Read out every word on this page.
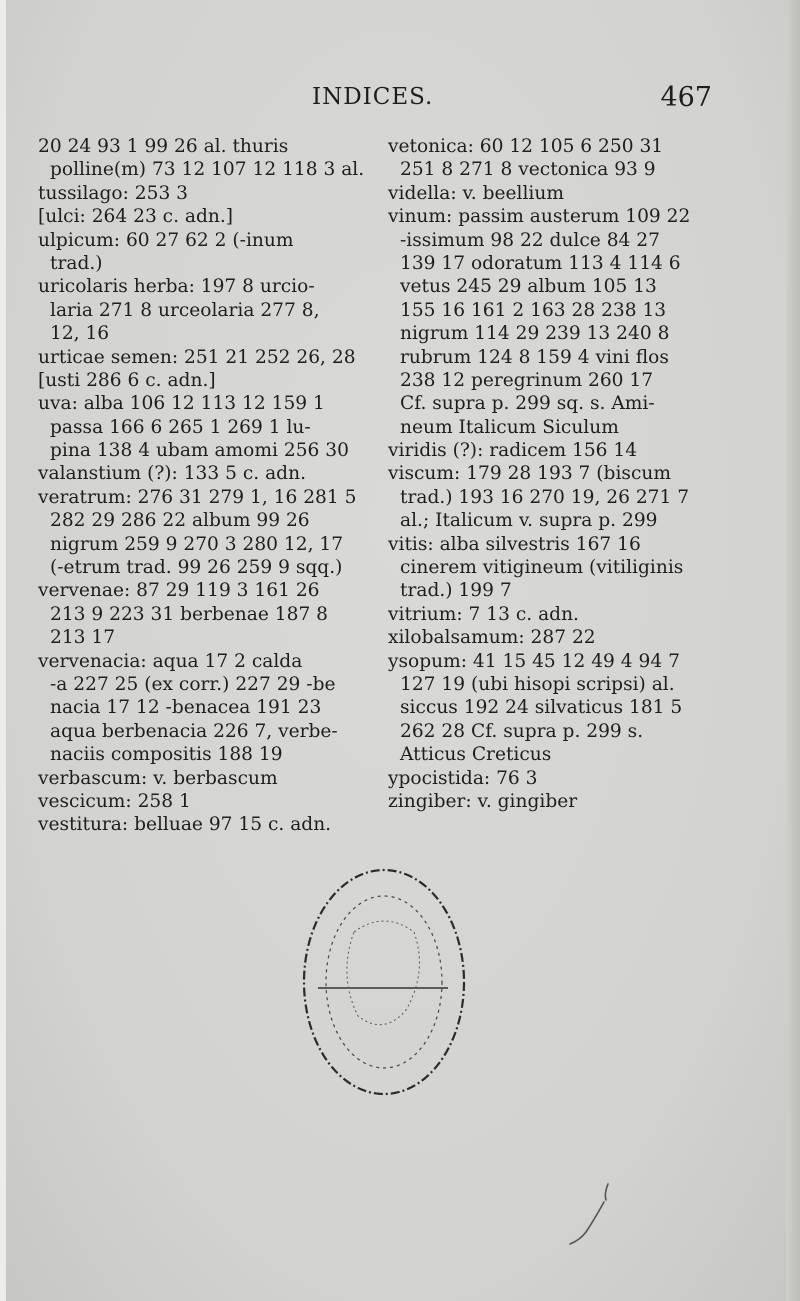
INDICES.	467
20 24 93 1 99 26 al. thuris
polline(m) 73 12 107 12 118 3 al.
tussilago: 253 3
[ulci: 264 23 c. adn.]
ulpicum: 60 27 62 2 (-inum
trad.)
uricolaris herba: 197 8 urcio-
laria 271 8 urceolaria 277 8,
12, 16
urticae semen: 251 21 252 26, 28
[usti 286 6 c. adn.]
uva: alba 106 12 113 12 159 1
passa 166 6 265 1 269 1 lu-
pina 138 4 ubam amomi 256 30
valanstium (?): 133 5 c. adn.
veratrum: 276 31 279 1, 16 281 5
282 29 286 22 album 99 26
nigrum 259 9 270 3 280 12, 17
(-etrum trad. 99 26 259 9 sqq.)
vervenae: 87 29 119 3 161 26
213 9 223 31 berbenae 187 8
213 17
vervenacia: aqua 17 2 calda
-a 227 25 (ex corr.) 227 29 -be
nacia 17 12 -benacea 191 23
aqua berbenacia 226 7, verbe-
naciis compositis 188 19
verbascum: v. berbascum
vescicum: 258 1
vestitura: belluae 97 15 c. adn.
vetonica: 60 12 105 6 250 31
251 8 271 8 vectonica 93 9
vidella: v. beellium
vinum: passim austerum 109 22
-issimum 98 22 dulce 84 27
139 17 odoratum 113 4 114 6
vetus 245 29 album 105 13
155 16 161 2 163 28 238 13
nigrum 114 29 239 13 240 8
rubrum 124 8 159 4 vini flos
238 12 peregrinum 260 17
Cf. supra p. 299 sq. s. Ami-
neum Italicum Siculum
viridis (?): radicem 156 14
viscum: 179 28 193 7 (biscum
trad.) 193 16 270 19, 26 271 7
al.; Italicum v. supra p. 299
vitis: alba silvestris 167 16
cinerem vitigineum (vitiliginis
trad.) 199 7
vitrium: 7 13 c. adn.
xilobalsamum: 287 22
ysopum: 41 15 45 12 49 4 94 7
127 19 (ubi hisopi scripsi) al.
siccus 192 24 silvaticus 181 5
262 28 Cf. supra p. 299 s.
Atticus Creticus
ypocistida: 76 3
zingiber: v. gingiber
